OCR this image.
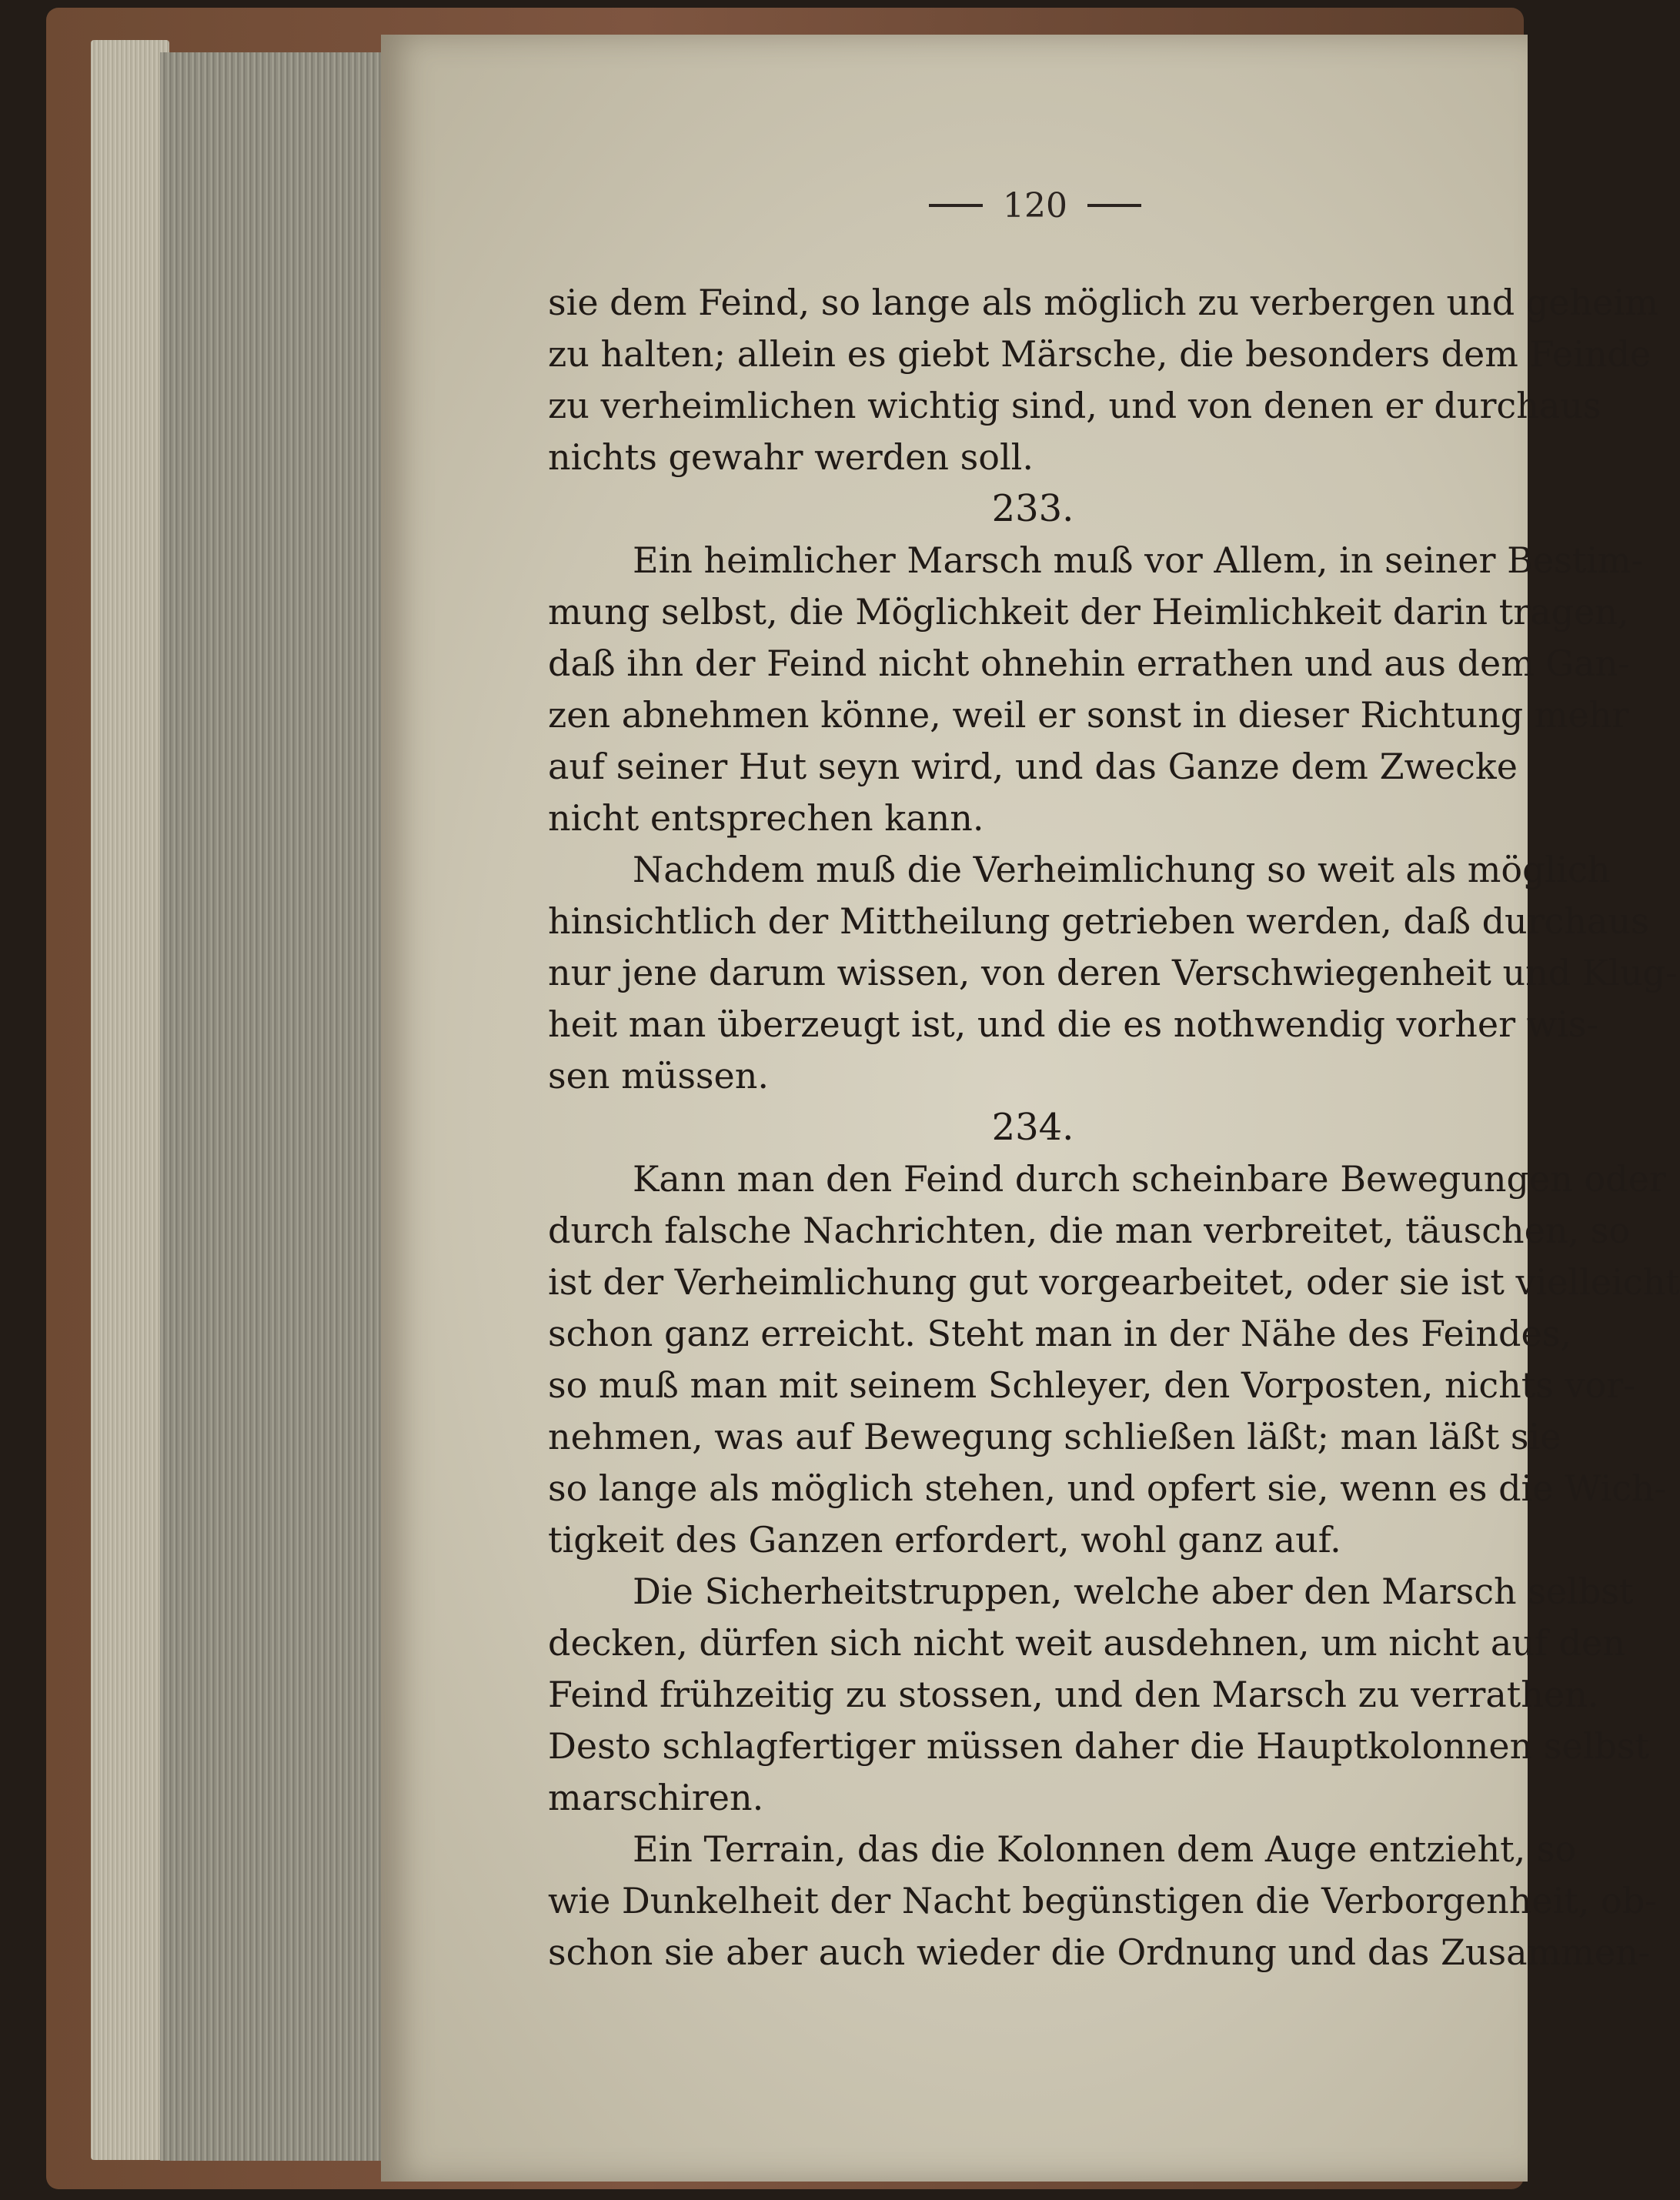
120
sie dem Feind, so lange als möglich zu verbergen und geheim
zu halten; allein es giebt Märsche, die besonders dem Feinde
zu verheimlichen wichtig sind, und von denen er durchaus
nichts gewahr werden soll.
233.
Ein heimlicher Marsch muß vor Allem, in seiner Bestim-
mung selbst, die Möglichkeit der Heimlichkeit darin tragen,
daß ihn der Feind nicht ohnehin errathen und aus dem Gan-
zen abnehmen könne, weil er sonst in dieser Richtung mehr
auf seiner Hut seyn wird, und das Ganze dem Zwecke
nicht entsprechen kann.
Nachdem muß die Verheimlichung so weit als möglich
hinsichtlich der Mittheilung getrieben werden, daß durchaus
nur jene darum wissen, von deren Verschwiegenheit und Klug-
heit man überzeugt ist, und die es nothwendig vorher wis-
sen müssen.
234.
Kann man den Feind durch scheinbare Bewegungen oder
durch falsche Nachrichten, die man verbreitet, täuschen, so
ist der Verheimlichung gut vorgearbeitet, oder sie ist vielleicht
schon ganz erreicht. Steht man in der Nähe des Feindes,
so muß man mit seinem Schleyer, den Vorposten, nichts vor-
nehmen, was auf Bewegung schließen läßt; man läßt sie
so lange als möglich stehen, und opfert sie, wenn es die Wich-
tigkeit des Ganzen erfordert, wohl ganz auf.
Die Sicherheitstruppen, welche aber den Marsch selbst
decken, dürfen sich nicht weit ausdehnen, um nicht auf den
Feind frühzeitig zu stossen, und den Marsch zu verrathen.
Desto schlagfertiger müssen daher die Hauptkolonnen selbst
marschiren.
Ein Terrain, das die Kolonnen dem Auge entzieht, so
wie Dunkelheit der Nacht begünstigen die Verborgenheit, ob-
schon sie aber auch wieder die Ordnung und das Zusammen-
